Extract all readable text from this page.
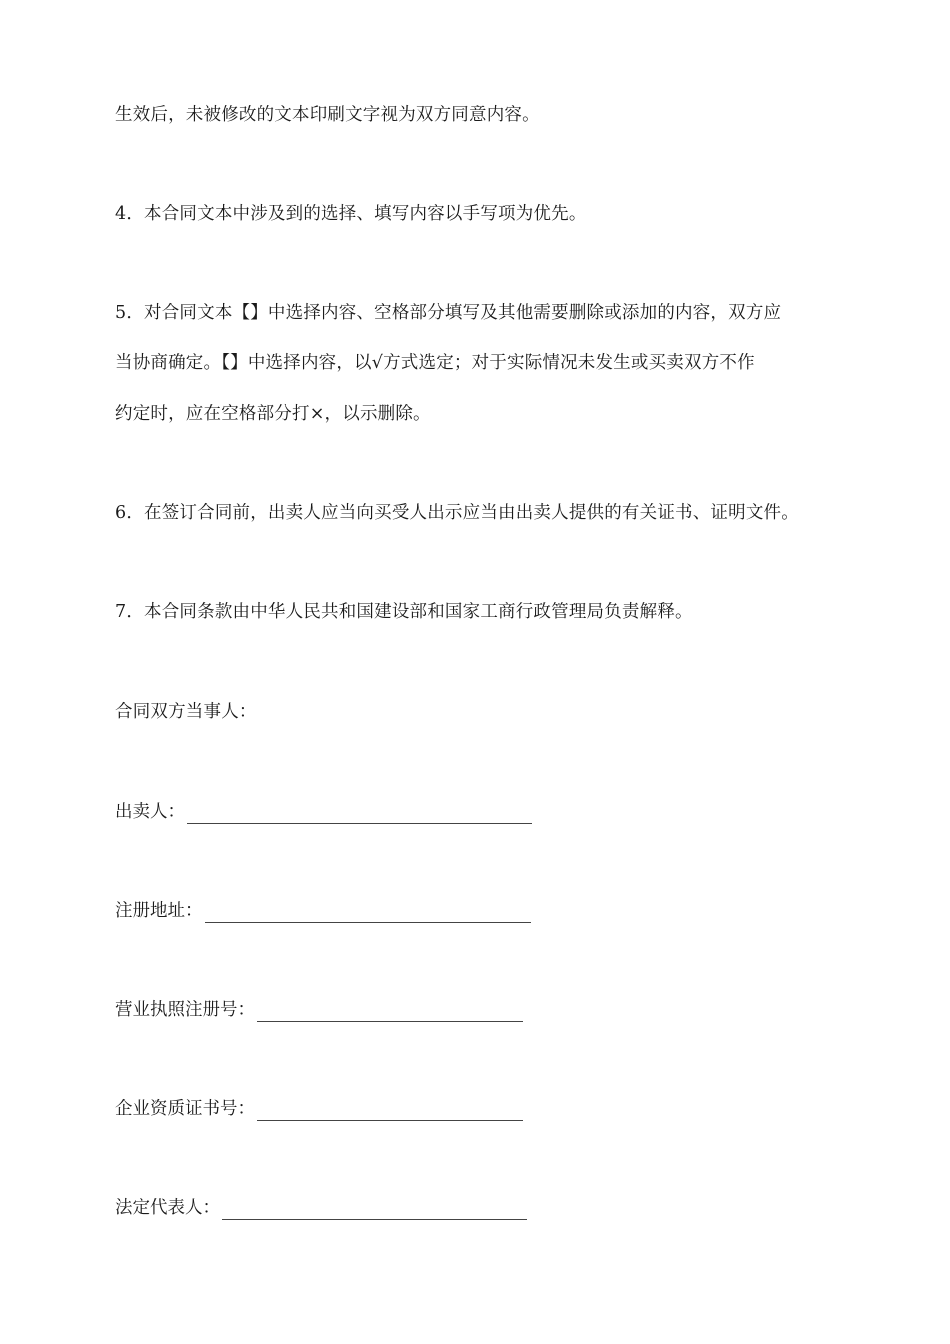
生效后，未被修改的文本印刷文字视为双方同意内容。
4．本合同文本中涉及到的选择、填写内容以手写项为优先。
5．对合同文本【】中选择内容、空格部分填写及其他需要删除或添加的内容，双方应
当协商确定。【】中选择内容，以√方式选定；对于实际情况未发生或买卖双方不作
约定时，应在空格部分打×，以示删除。
6．在签订合同前，出卖人应当向买受人出示应当由出卖人提供的有关证书、证明文件。
7．本合同条款由中华人民共和国建设部和国家工商行政管理局负责解释。
合同双方当事人：
出卖人：
注册地址：
营业执照注册号：
企业资质证书号：
法定代表人：
